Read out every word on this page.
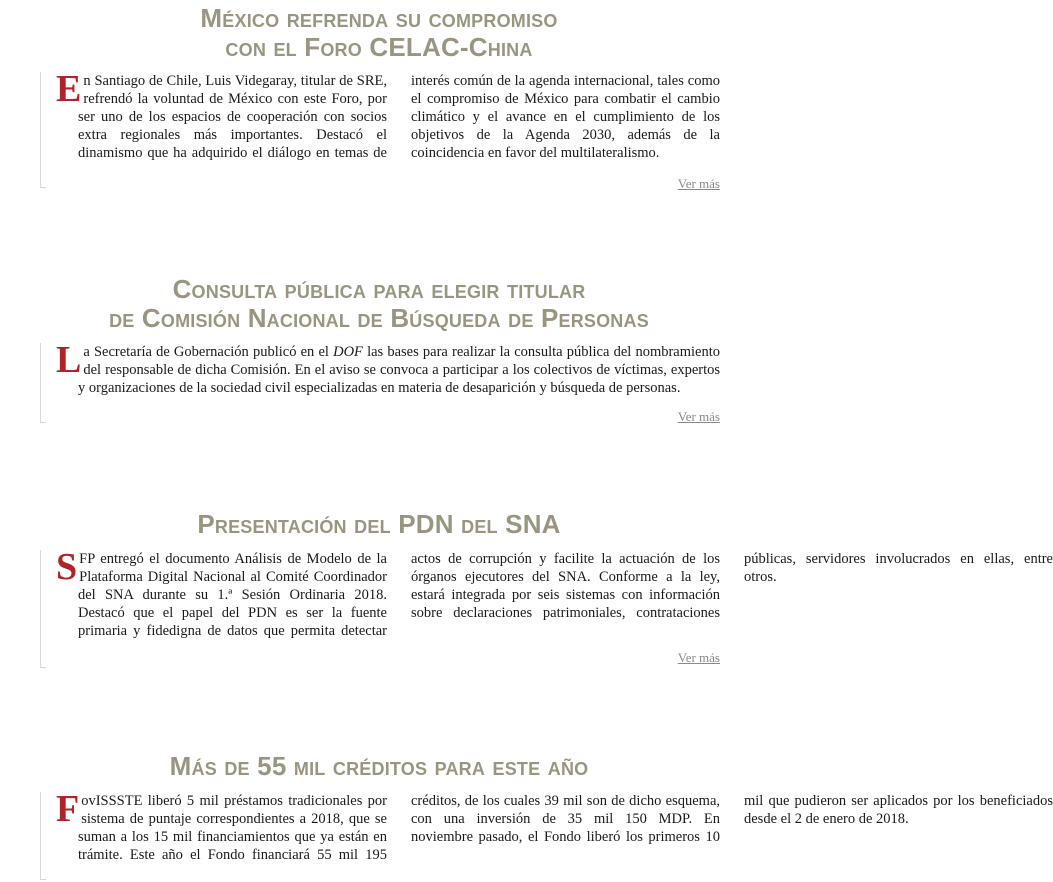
México refrenda su compromiso
con el Foro CELAC-China
En Santiago de Chile, Luis Videgaray, titular de SRE, refrendó la voluntad de México con este Foro, por ser uno de los espacios de cooperación con socios extra regionales más importantes. Destacó el dinamismo que ha adquirido el diálogo en temas de interés común de la agenda internacional, tales como el compromiso de México para combatir el cambio climático y el avance en el cumplimiento de los objetivos de la Agenda 2030, además de la coincidencia en favor del multilateralismo.
Ver más
Consulta pública para elegir titular
de Comisión Nacional de Búsqueda de Personas
La Secretaría de Gobernación publicó en el DOF las bases para realizar la consulta pública del nombramiento del responsable de dicha Comisión. En el aviso se convoca a participar a los colectivos de víctimas, expertos y organizaciones de la sociedad civil especializadas en materia de desaparición y búsqueda de personas.
Ver más
Presentación del PDN del SNA
SFP entregó el documento Análisis de Modelo de la Plataforma Digital Nacional al Comité Coordinador del SNA durante su 1.ª Sesión Ordinaria 2018. Destacó que el papel del PDN es ser la fuente primaria y fidedigna de datos que permita detectar actos de corrupción y facilite la actuación de los órganos ejecutores del SNA. Conforme a la ley, estará integrada por seis sistemas con información sobre declaraciones patrimoniales, contrataciones públicas, servidores involucrados en ellas, entre otros.
Ver más
Más de 55 mil créditos para este año
FovISSSTE liberó 5 mil préstamos tradicionales por sistema de puntaje correspondientes a 2018, que se suman a los 15 mil financiamientos que ya están en trámite. Este año el Fondo financiará 55 mil 195 créditos, de los cuales 39 mil son de dicho esquema, con una inversión de 35 mil 150 MDP. En noviembre pasado, el Fondo liberó los primeros 10 mil que pudieron ser aplicados por los beneficiados desde el 2 de enero de 2018.
